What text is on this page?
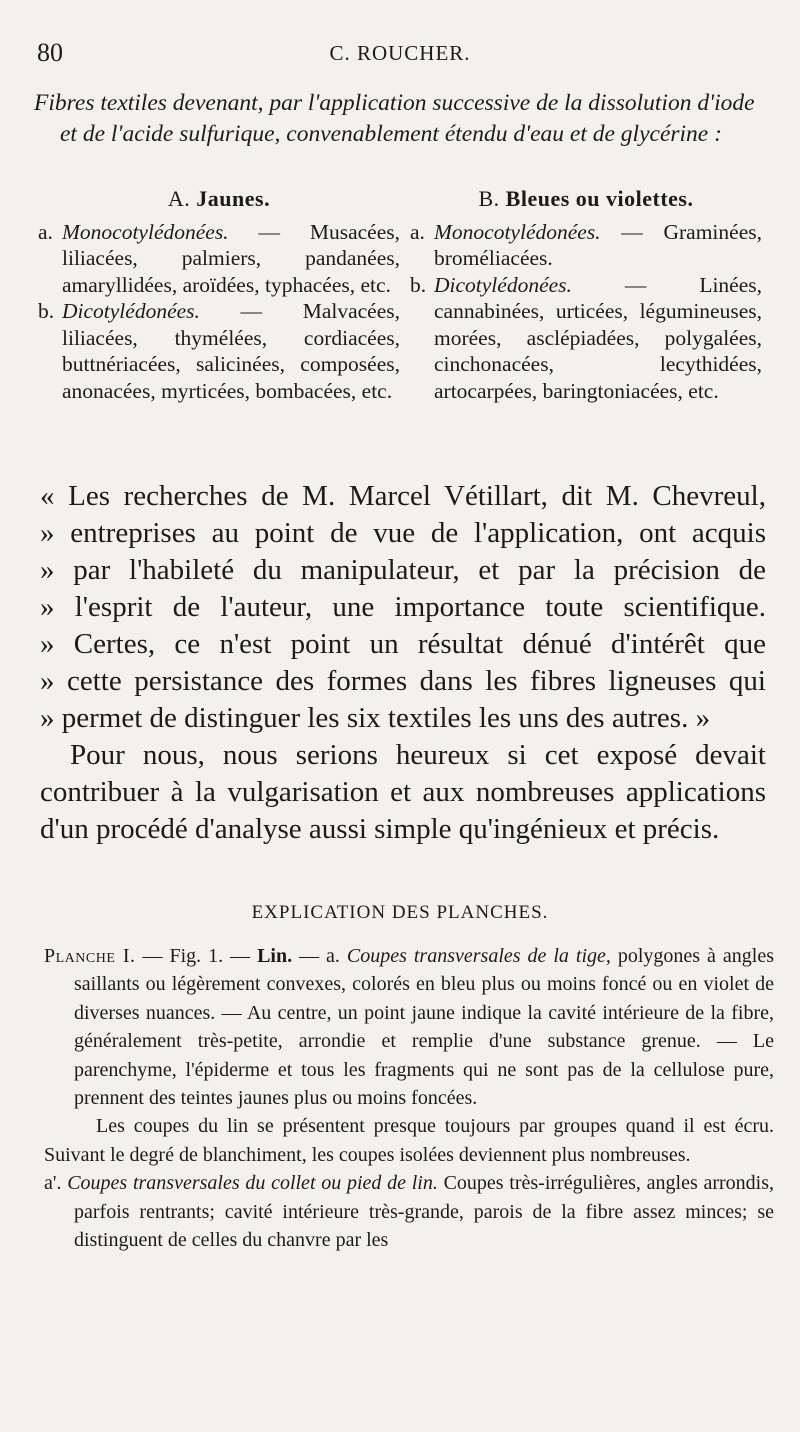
80	C. ROUCHER.
Fibres textiles devenant, par l'application successive de la dissolution d'iode et de l'acide sulfurique, convenablement étendu d'eau et de glycérine :
A. Jaunes.
a. Monocotylédonées. — Musacées, liliacées, palmiers, pandanées, amaryllidées, aroïdées, typhacées, etc.
b. Dicotylédonées. — Malvacées, liliacées, thymélées, cordiacées, buttnériacées, salicinées, composées, anonacées, myrticées, bombacées, etc.
B. Bleues ou violettes.
a. Monocotylédonées. — Graminées, broméliacées.
b. Dicotylédonées. — Linées, cannabinées, urticées, légumineuses, morées, asclépiadées, polygalées, cinchonacées, lecythidées, artocarpées, baringtoniacées, etc.

« Les recherches de M. Marcel Vétillart, dit M. Chevreul,

» entreprises au point de vue de l'application, ont acquis

» par l'habileté du manipulateur, et par la précision de

» l'esprit de l'auteur, une importance toute scientifique.

» Certes, ce n'est point un résultat dénué d'intérêt que

» cette persistance des formes dans les fibres ligneuses qui

» permet de distinguer les six textiles les uns des autres. »

Pour nous, nous serions heureux si cet exposé devait contribuer à la vulgarisation et aux nombreuses applications d'un procédé d'analyse aussi simple qu'ingénieux et précis.

EXPLICATION DES PLANCHES.

Planche I. — Fig. 1. — Lin. — a. Coupes transversales de la tige, polygones à angles saillants ou légèrement convexes, colorés en bleu plus ou moins foncé ou en violet de diverses nuances. — Au centre, un point jaune indique la cavité intérieure de la fibre, généralement très-petite, arrondie et remplie d'une substance grenue. — Le parenchyme, l'épiderme et tous les fragments qui ne sont pas de la cellulose pure, prennent des teintes jaunes plus ou moins foncées.

Les coupes du lin se présentent presque toujours par groupes quand il est écru. Suivant le degré de blanchiment, les coupes isolées deviennent plus nombreuses.

a'. Coupes transversales du collet ou pied de lin. Coupes très-irrégulières, angles arrondis, parfois rentrants; cavité intérieure très-grande, parois de la fibre assez minces; se distinguent de celles du chanvre par les
